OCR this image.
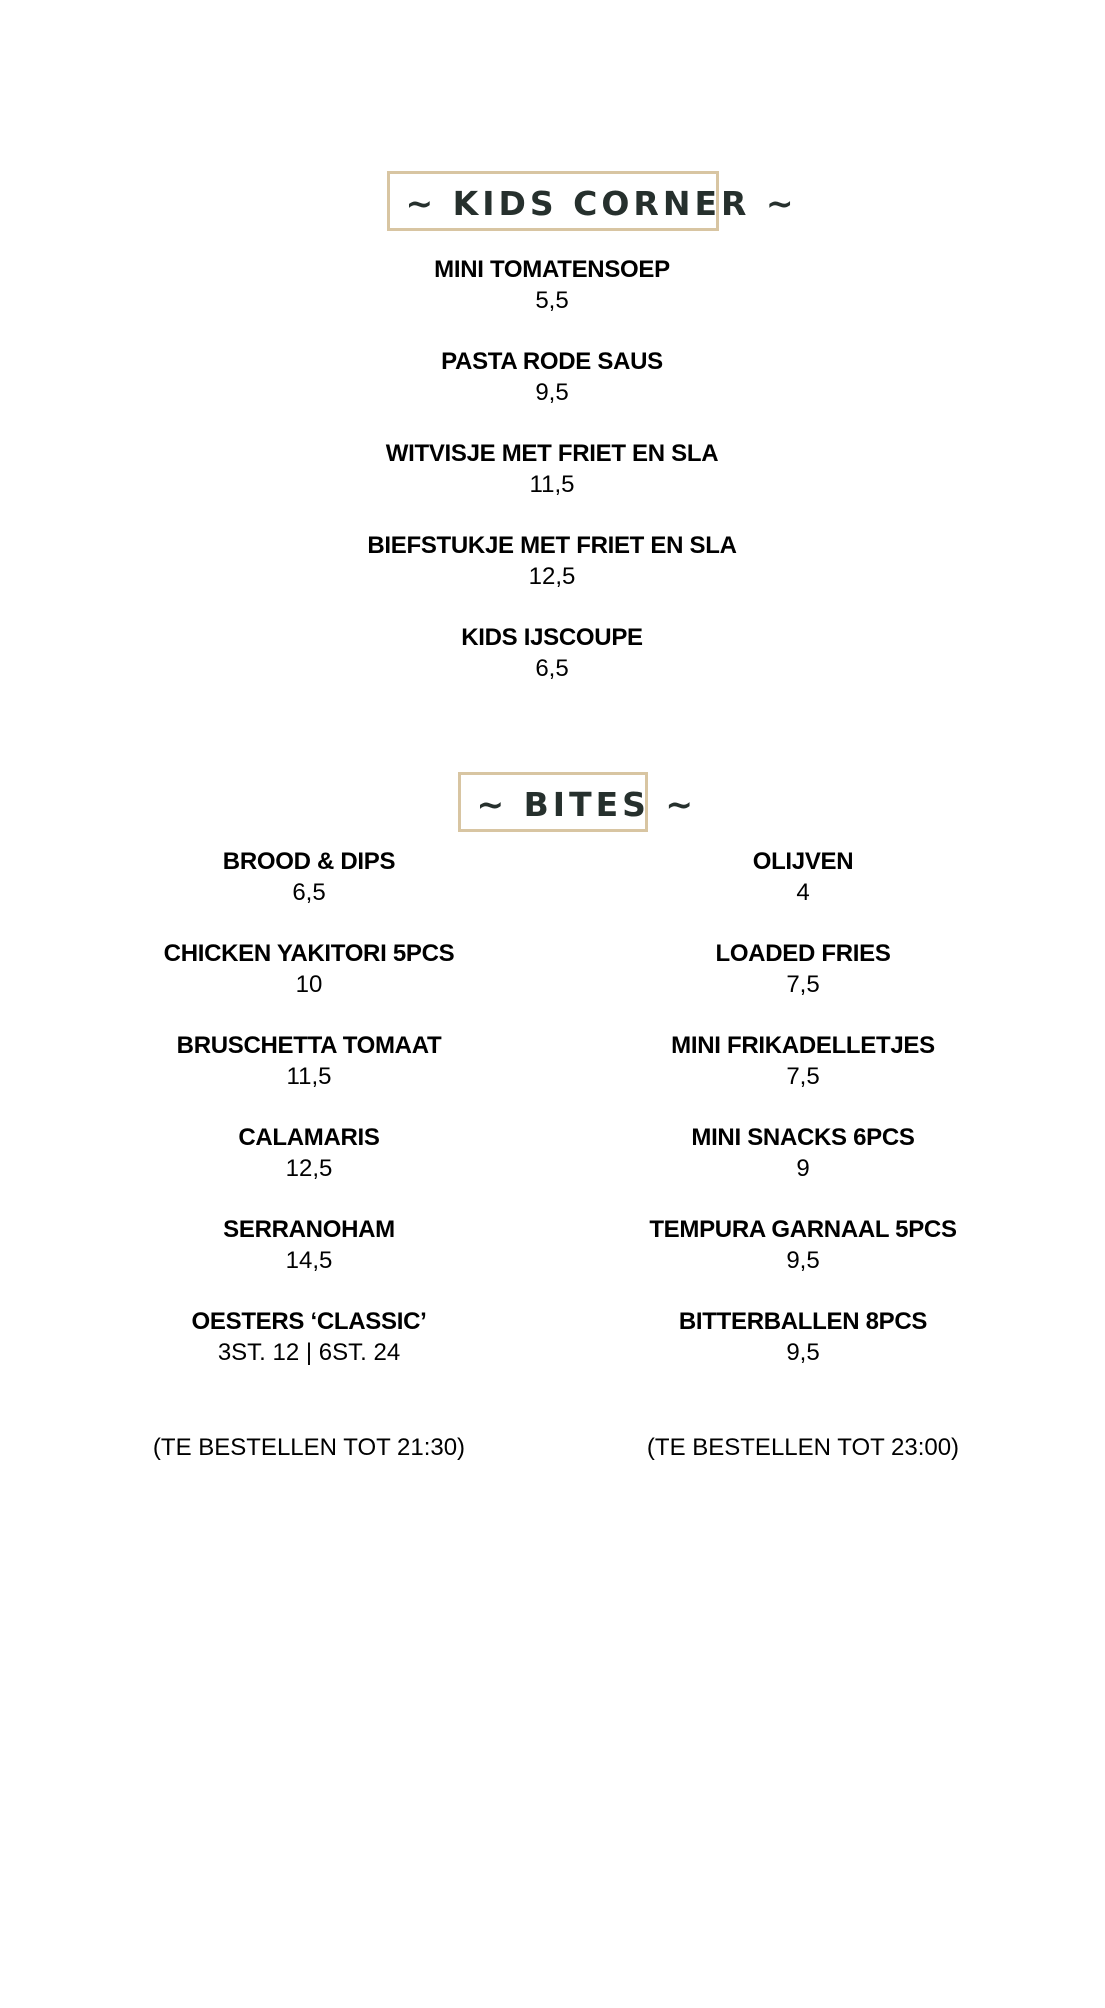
~ KIDS CORNER ~
MINI TOMATENSOEP
5,5
PASTA RODE SAUS
9,5
WITVISJE MET FRIET EN SLA
11,5
BIEFSTUKJE MET FRIET EN SLA
12,5
KIDS IJSCOUPE
6,5
~ BITES ~
BROOD & DIPS
6,5
CHICKEN YAKITORI 5PCS
10
BRUSCHETTA TOMAAT
11,5
CALAMARIS
12,5
SERRANOHAM
14,5
OESTERS ‘CLASSIC’
3ST. 12 | 6ST. 24
OLIJVEN
4
LOADED FRIES
7,5
MINI FRIKADELLETJES
7,5
MINI SNACKS 6PCS
9
TEMPURA GARNAAL 5PCS
9,5
BITTERBALLEN 8PCS
9,5
(TE BESTELLEN TOT 21:30)	(TE BESTELLEN TOT 23:00)
